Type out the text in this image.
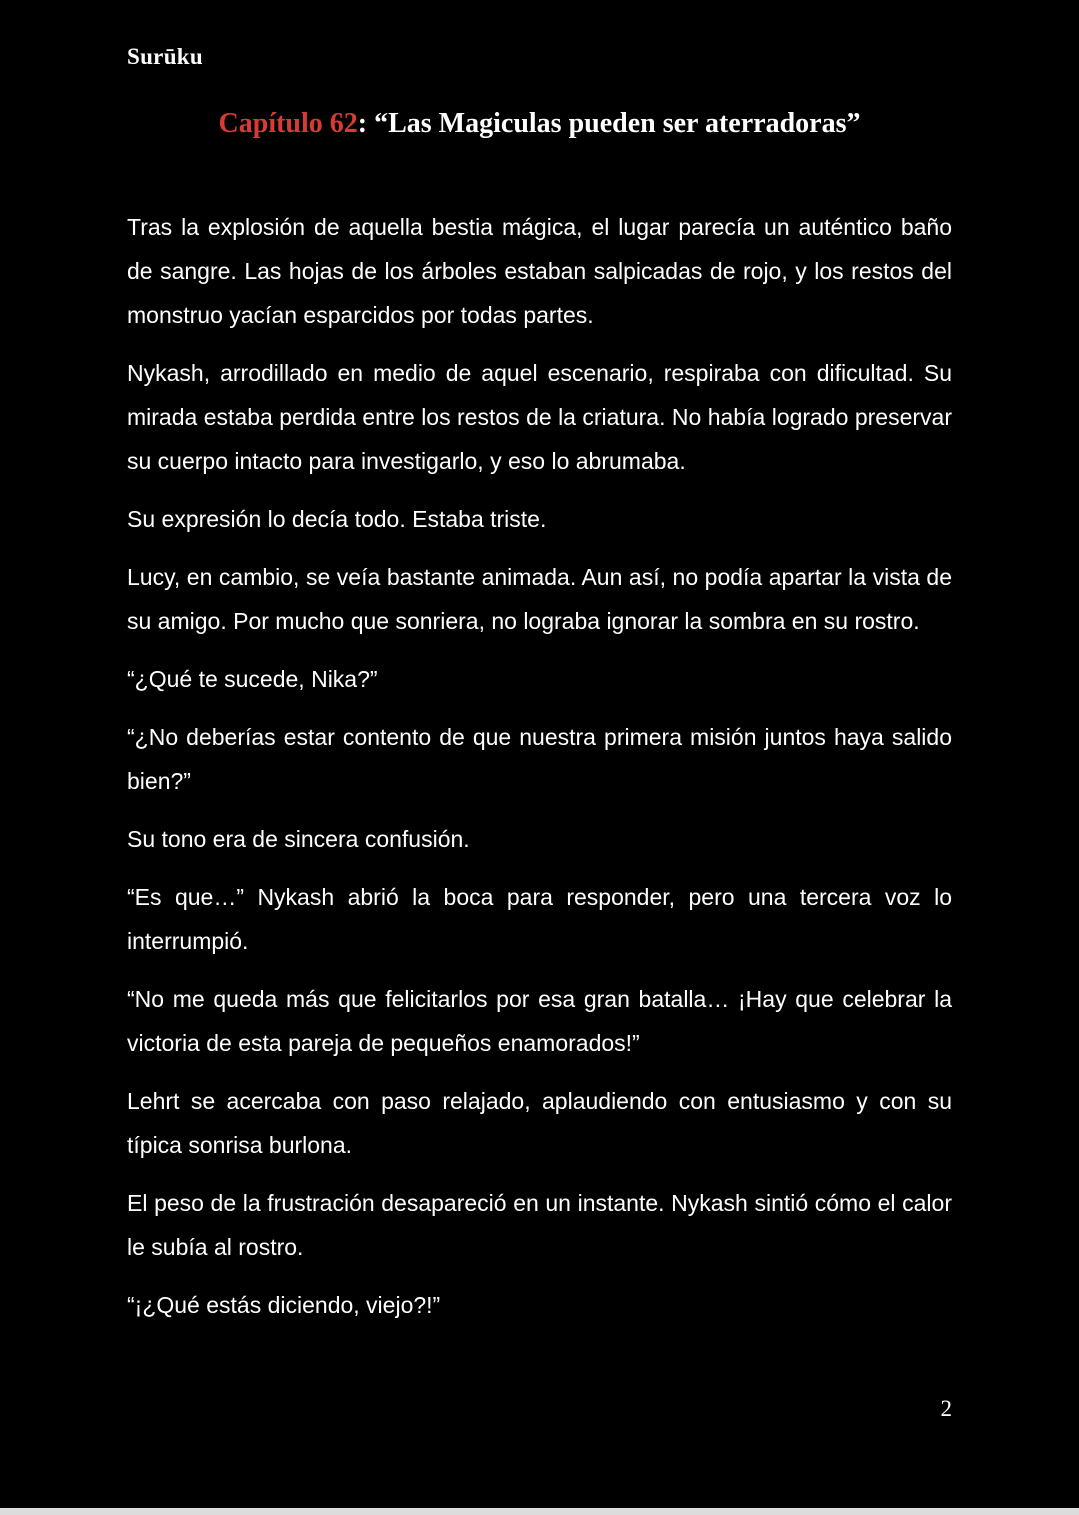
Surūku
Capítulo 62: “Las Magiculas pueden ser aterradoras”

Tras la explosión de aquella bestia mágica, el lugar parecía un auténtico baño de sangre. Las hojas de los árboles estaban salpicadas de rojo, y los restos del monstruo yacían esparcidos por todas partes.

Nykash, arrodillado en medio de aquel escenario, respiraba con dificultad. Su mirada estaba perdida entre los restos de la criatura. No había logrado preservar su cuerpo intacto para investigarlo, y eso lo abrumaba.

Su expresión lo decía todo. Estaba triste.

Lucy, en cambio, se veía bastante animada. Aun así, no podía apartar la vista de su amigo. Por mucho que sonriera, no lograba ignorar la sombra en su rostro.

“¿Qué te sucede, Nika?”

“¿No deberías estar contento de que nuestra primera misión juntos haya salido bien?”

Su tono era de sincera confusión.

“Es que…” Nykash abrió la boca para responder, pero una tercera voz lo interrumpió.

“No me queda más que felicitarlos por esa gran batalla… ¡Hay que celebrar la victoria de esta pareja de pequeños enamorados!”

Lehrt se acercaba con paso relajado, aplaudiendo con entusiasmo y con su típica sonrisa burlona.

El peso de la frustración desapareció en un instante. Nykash sintió cómo el calor le subía al rostro.

“¡¿Qué estás diciendo, viejo?!”

2
